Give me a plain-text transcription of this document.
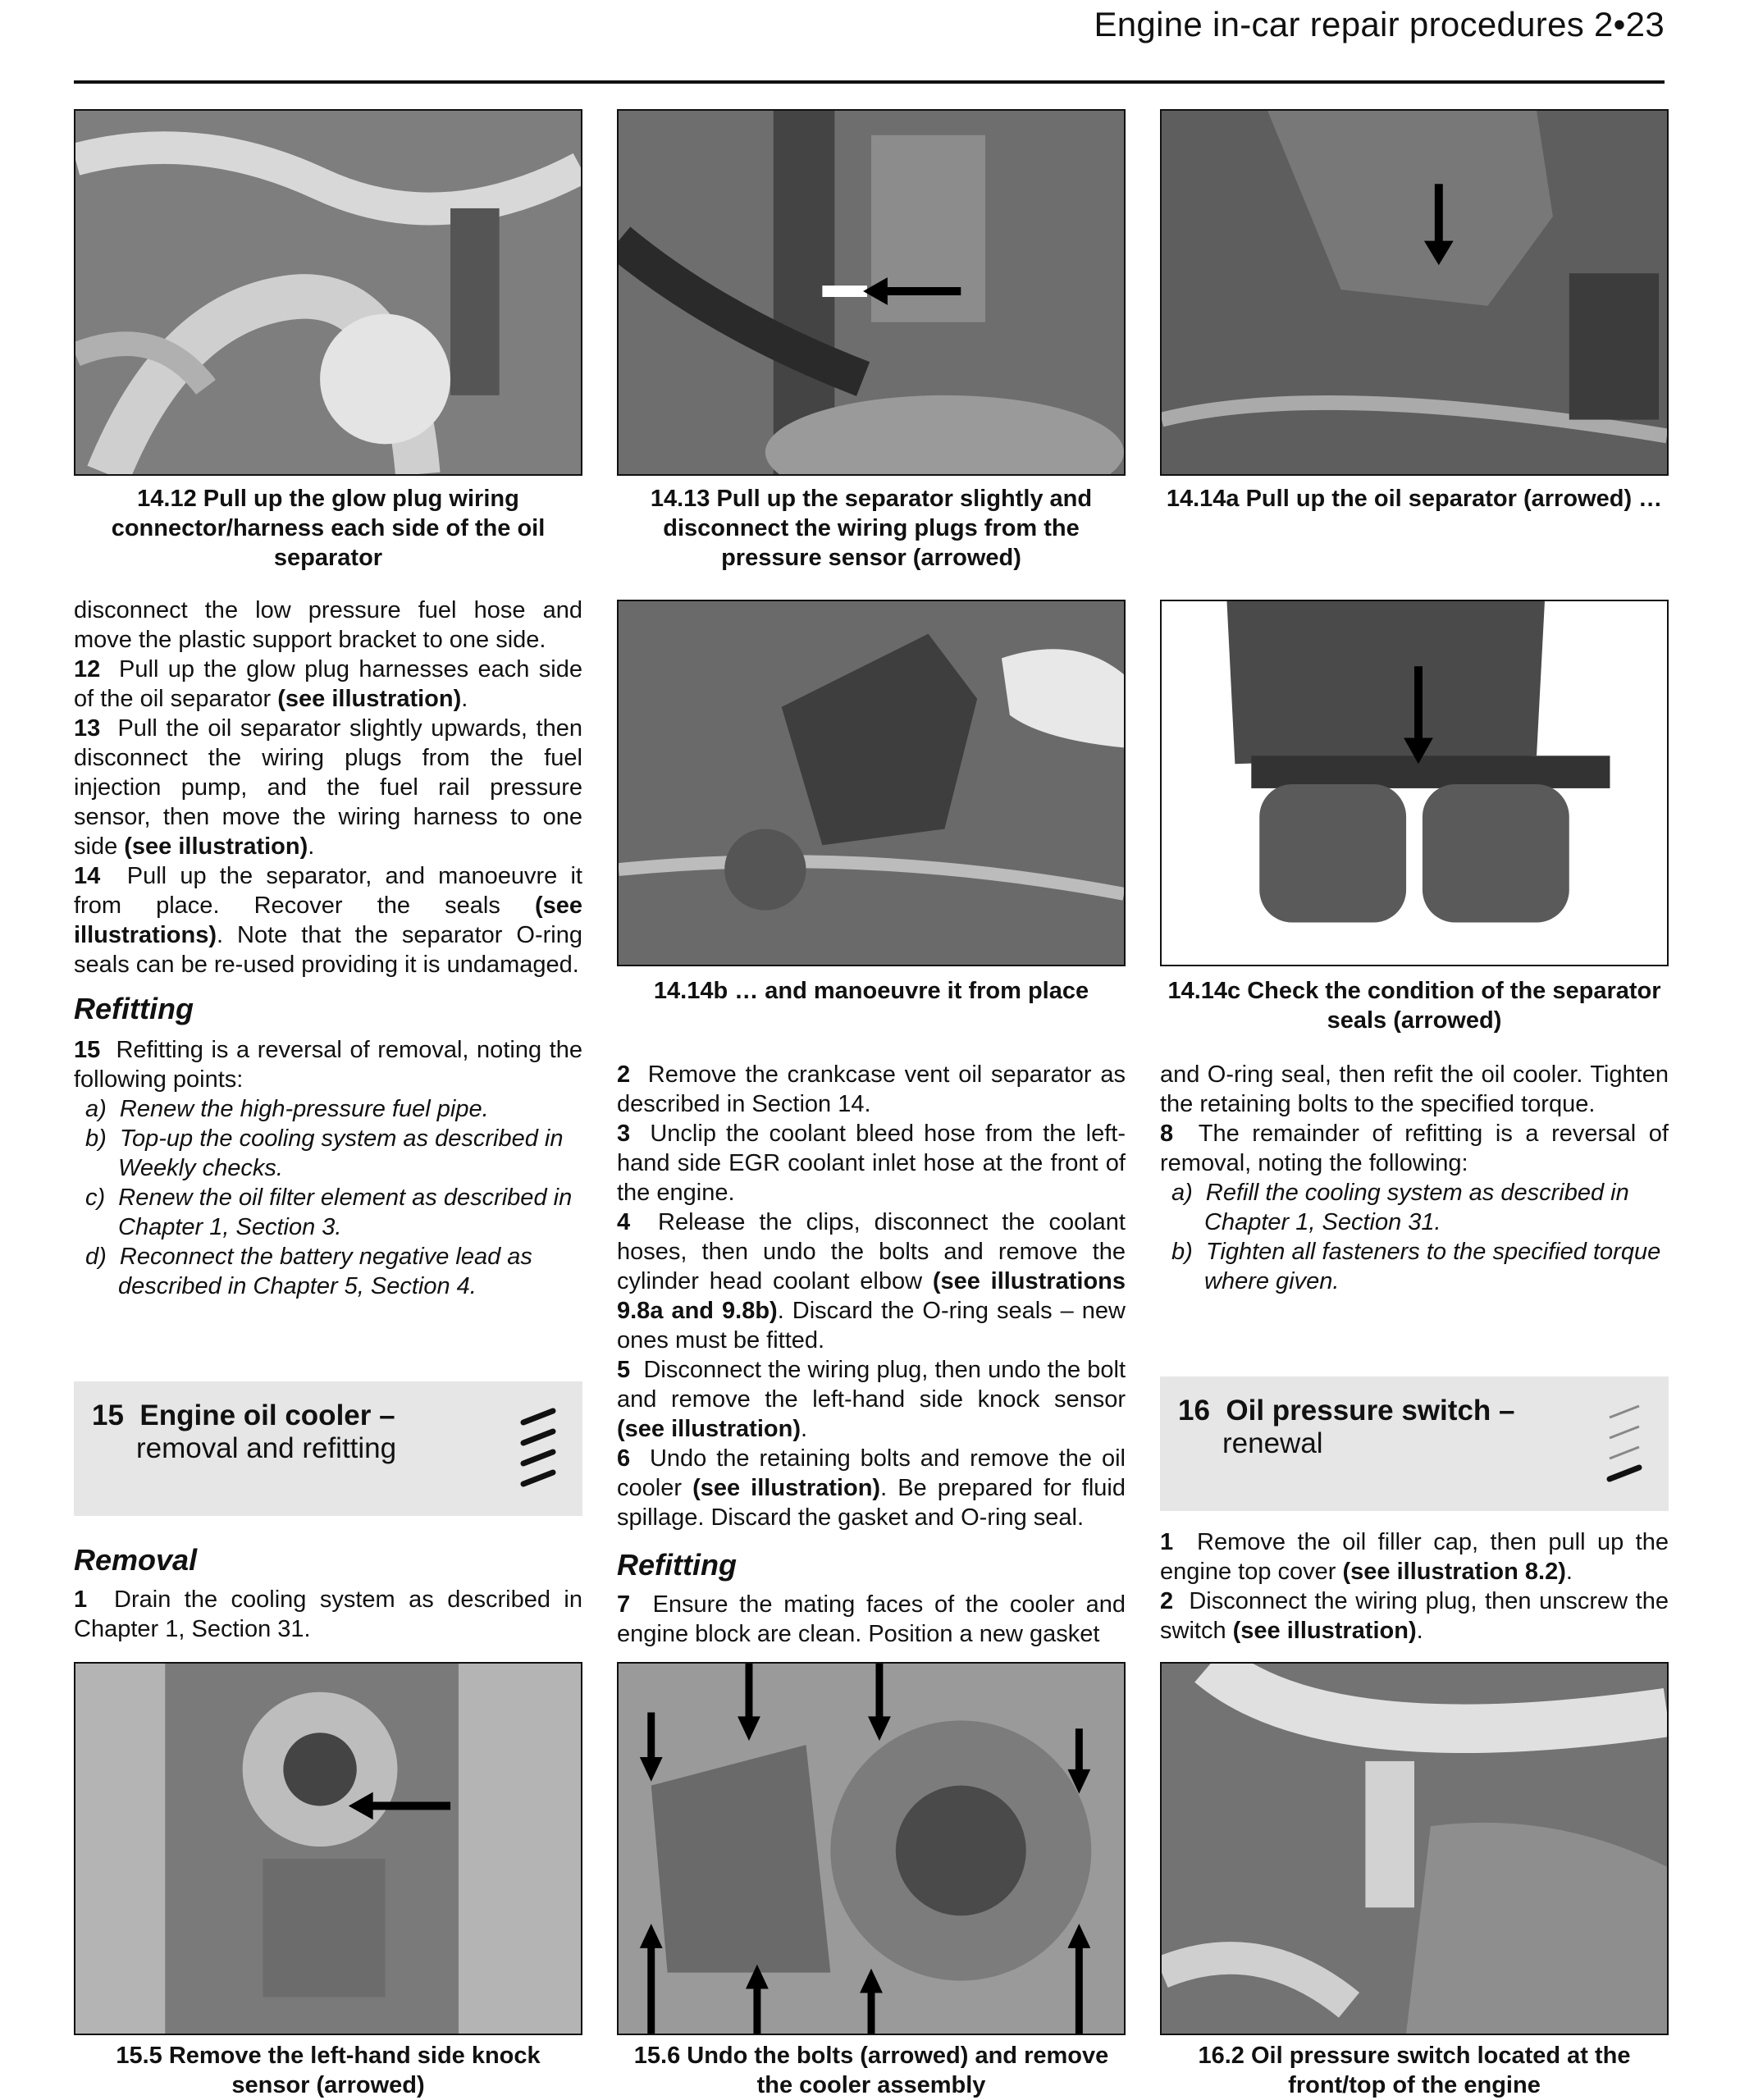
Engine in-car repair procedures 2•23
14.12 Pull up the glow plug wiring connector/harness each side of the oil separator
14.13 Pull up the separator slightly and disconnect the wiring plugs from the pressure sensor (arrowed)
14.14a Pull up the oil separator (arrowed) …
14.14b … and manoeuvre it from place	14.14c Check the condition of the separator seals (arrowed)

disconnect the low pressure fuel hose and move the plastic support bracket to one side.

12 Pull up the glow plug harnesses each side of the oil separator (see illustration).

13 Pull the oil separator slightly upwards, then disconnect the wiring plugs from the fuel injection pump, and the fuel rail pressure sensor, then move the wiring harness to one side (see illustration).

14 Pull up the separator, and manoeuvre it from place. Recover the seals (see illustrations). Note that the separator O-ring seals can be re-used providing it is undamaged.

Refitting

15 Refitting is a reversal of removal, noting the following points:

a) Renew the high-pressure fuel pipe.
b) Top-up the cooling system as described in Weekly checks.
c) Renew the oil filter element as described in Chapter 1, Section 3.
d) Reconnect the battery negative lead as described in Chapter 5, Section 4.
15 Engine oil cooler –
removal and refitting

Removal

1 Drain the cooling system as described in Chapter 1, Section 31.

2 Remove the crankcase vent oil separator as described in Section 14.

3 Unclip the coolant bleed hose from the left-hand side EGR coolant inlet hose at the front of the engine.

4 Release the clips, disconnect the coolant hoses, then undo the bolts and remove the cylinder head coolant elbow (see illustrations 9.8a and 9.8b). Discard the O-ring seals – new ones must be fitted.

5 Disconnect the wiring plug, then undo the bolt and remove the left-hand side knock sensor (see illustration).

6 Undo the retaining bolts and remove the oil cooler (see illustration). Be prepared for fluid spillage. Discard the gasket and O-ring seal.

Refitting

7 Ensure the mating faces of the cooler and engine block are clean. Position a new gasket

and O-ring seal, then refit the oil cooler. Tighten the retaining bolts to the specified torque.

8 The remainder of refitting is a reversal of removal, noting the following:

a) Refill the cooling system as described in Chapter 1, Section 31.
b) Tighten all fasteners to the specified torque where given.
16 Oil pressure switch –
renewal

1 Remove the oil filler cap, then pull up the engine top cover (see illustration 8.2).

2 Disconnect the wiring plug, then unscrew the switch (see illustration).

15.5 Remove the left-hand side knock sensor (arrowed)
15.6 Undo the bolts (arrowed) and remove the cooler assembly
16.2 Oil pressure switch located at the front/top of the engine
